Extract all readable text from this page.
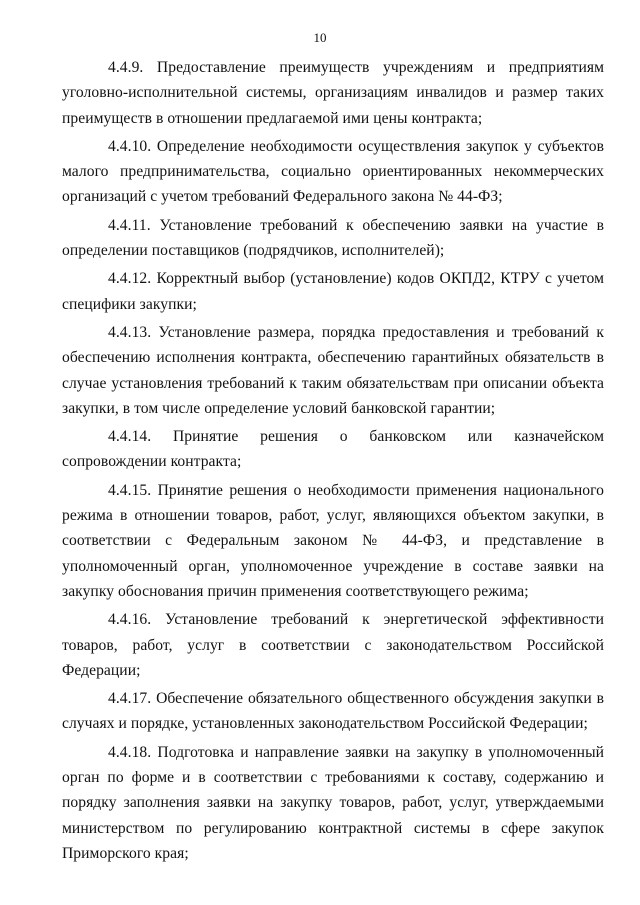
10

4.4.9. Предоставление преимуществ учреждениям и предприятиям уголовно-исполнительной системы, организациям инвалидов и размер таких преимуществ в отношении предлагаемой ими цены контракта;

4.4.10. Определение необходимости осуществления закупок у субъектов малого предпринимательства, социально ориентированных некоммерческих организаций с учетом требований Федерального закона № 44-ФЗ;

4.4.11. Установление требований к обеспечению заявки на участие в определении поставщиков (подрядчиков, исполнителей);

4.4.12. Корректный выбор (установление) кодов ОКПД2, КТРУ с учетом специфики закупки;

4.4.13. Установление размера, порядка предоставления и требований к обеспечению исполнения контракта, обеспечению гарантийных обязательств в случае установления требований к таким обязательствам при описании объекта закупки, в том числе определение условий банковской гарантии;

4.4.14. Принятие решения о банковском или казначейском сопровождении контракта;

4.4.15. Принятие решения о необходимости применения национального режима в отношении товаров, работ, услуг, являющихся объектом закупки, в соответствии с Федеральным законом № 44-ФЗ, и представление в уполномоченный орган, уполномоченное учреждение в составе заявки на закупку обоснования причин применения соответствующего режима;

4.4.16. Установление требований к энергетической эффективности товаров, работ, услуг в соответствии с законодательством Российской Федерации;

4.4.17. Обеспечение обязательного общественного обсуждения закупки в случаях и порядке, установленных законодательством Российской Федерации;

4.4.18. Подготовка и направление заявки на закупку в уполномоченный орган по форме и в соответствии с требованиями к составу, содержанию и порядку заполнения заявки на закупку товаров, работ, услуг, утверждаемыми министерством по регулированию контрактной системы в сфере закупок Приморского края;
